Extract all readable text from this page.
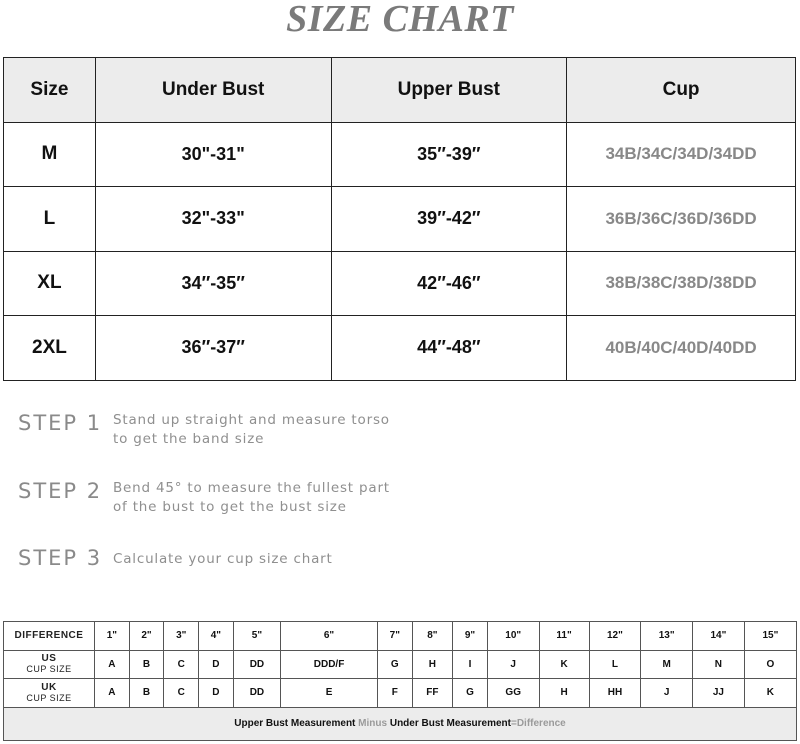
SIZE CHART
Size	Under Bust	Upper Bust	Cup
M	30"-31"	35″-39″	34B/34C/34D/34DD
L	32"-33"	39″-42″	36B/36C/36D/36DD
XL	34″-35″	42″-46″	38B/38C/38D/38DD
2XL	36″-37″	44″-48″	40B/40C/40D/40DD
STEP 1 Stand up straight and measure torso
to get the band size
STEP 2 Bend 45° to measure the fullest part
of the bust to get the bust size
STEP 3 Calculate your cup size chart
DIFFERENCE	1"	2"	3"	4"	5"	6"	7"	8"	9"	10"	11"	12"	13"	14"	15"
US
CUP SIZE	A	B	C	D	DD	DDD/F	G	H	I	J	K	L	M	N	O
UK
CUP SIZE	A	B	C	D	DD	E	F	FF	G	GG	H	HH	J	JJ	K
Upper Bust Measurement Minus Under Bust Measurement=Difference															
